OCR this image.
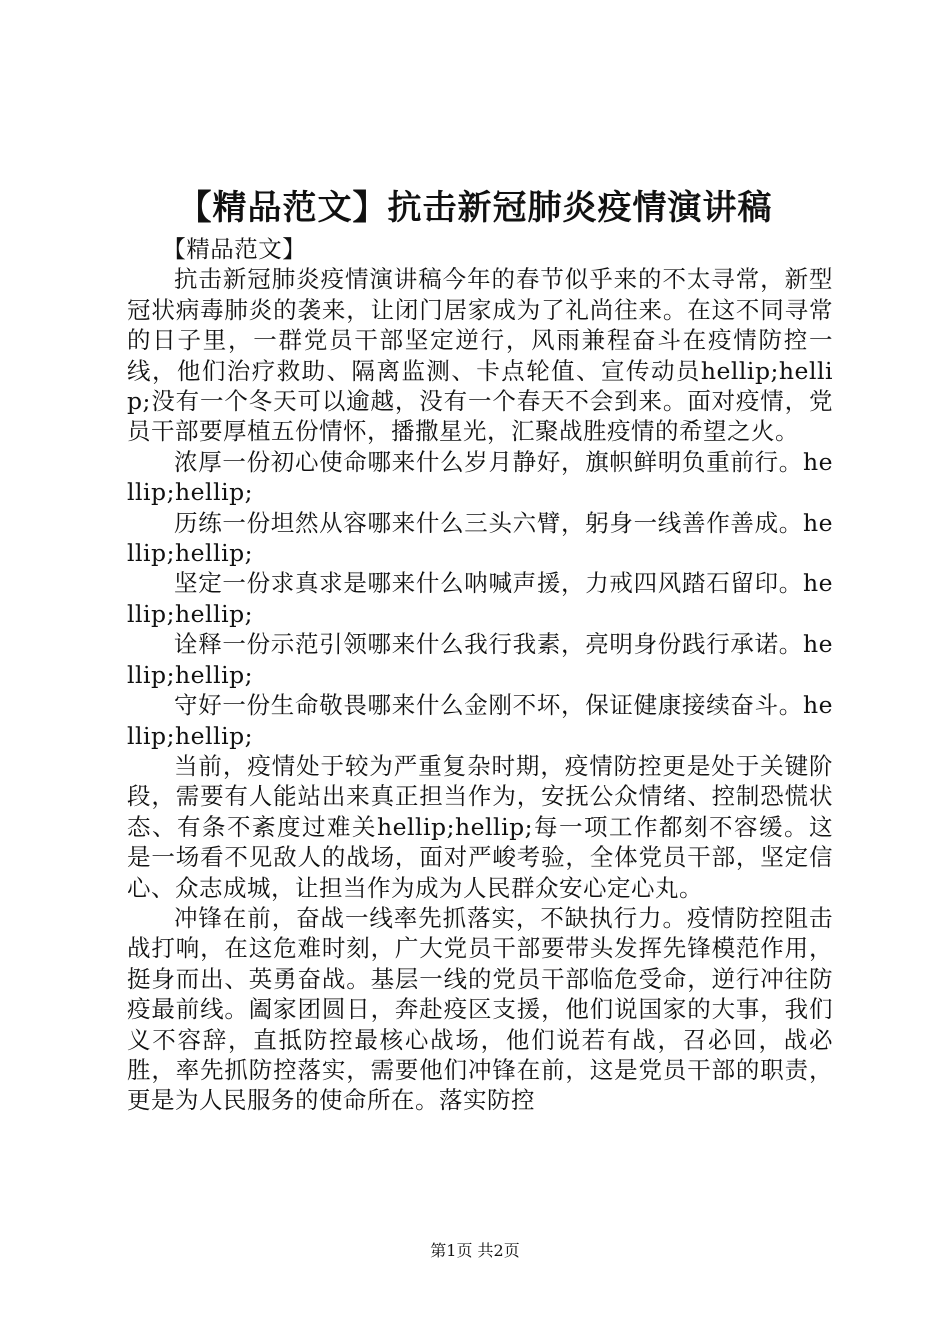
【精品范文】抗击新冠肺炎疫情演讲稿

【精品范文】

抗击新冠肺炎疫情演讲稿今年的春节似乎来的不太寻常，新型冠状病毒肺炎的袭来，让闭门居家成为了礼尚往来。在这不同寻常的日子里，一群党员干部坚定逆行，风雨兼程奋斗在疫情防控一线，他们治疗救助、隔离监测、卡点轮值、宣传动员hellip;hellip;没有一个冬天可以逾越，没有一个春天不会到来。面对疫情，党员干部要厚植五份情怀，播撒星光，汇聚战胜疫情的希望之火。

浓厚一份初心使命哪来什么岁月静好，旗帜鲜明负重前行。hellip;hellip;

历练一份坦然从容哪来什么三头六臂，躬身一线善作善成。hellip;hellip;

坚定一份求真求是哪来什么呐喊声援，力戒四风踏石留印。hellip;hellip;

诠释一份示范引领哪来什么我行我素，亮明身份践行承诺。hellip;hellip;

守好一份生命敬畏哪来什么金刚不坏，保证健康接续奋斗。hellip;hellip;

当前，疫情处于较为严重复杂时期，疫情防控更是处于关键阶段，需要有人能站出来真正担当作为，安抚公众情绪、控制恐慌状态、有条不紊度过难关hellip;hellip;每一项工作都刻不容缓。这是一场看不见敌人的战场，面对严峻考验，全体党员干部，坚定信心、众志成城，让担当作为成为人民群众安心定心丸。

冲锋在前，奋战一线率先抓落实，不缺执行力。疫情防控阻击战打响，在这危难时刻，广大党员干部要带头发挥先锋模范作用，挺身而出、英勇奋战。基层一线的党员干部临危受命，逆行冲往防疫最前线。阖家团圆日，奔赴疫区支援，他们说国家的大事，我们义不容辞，直抵防控最核心战场，他们说若有战，召必回，战必胜，率先抓防控落实，需要他们冲锋在前，这是党员干部的职责，更是为人民服务的使命所在。落实防控

第1页 共2页
